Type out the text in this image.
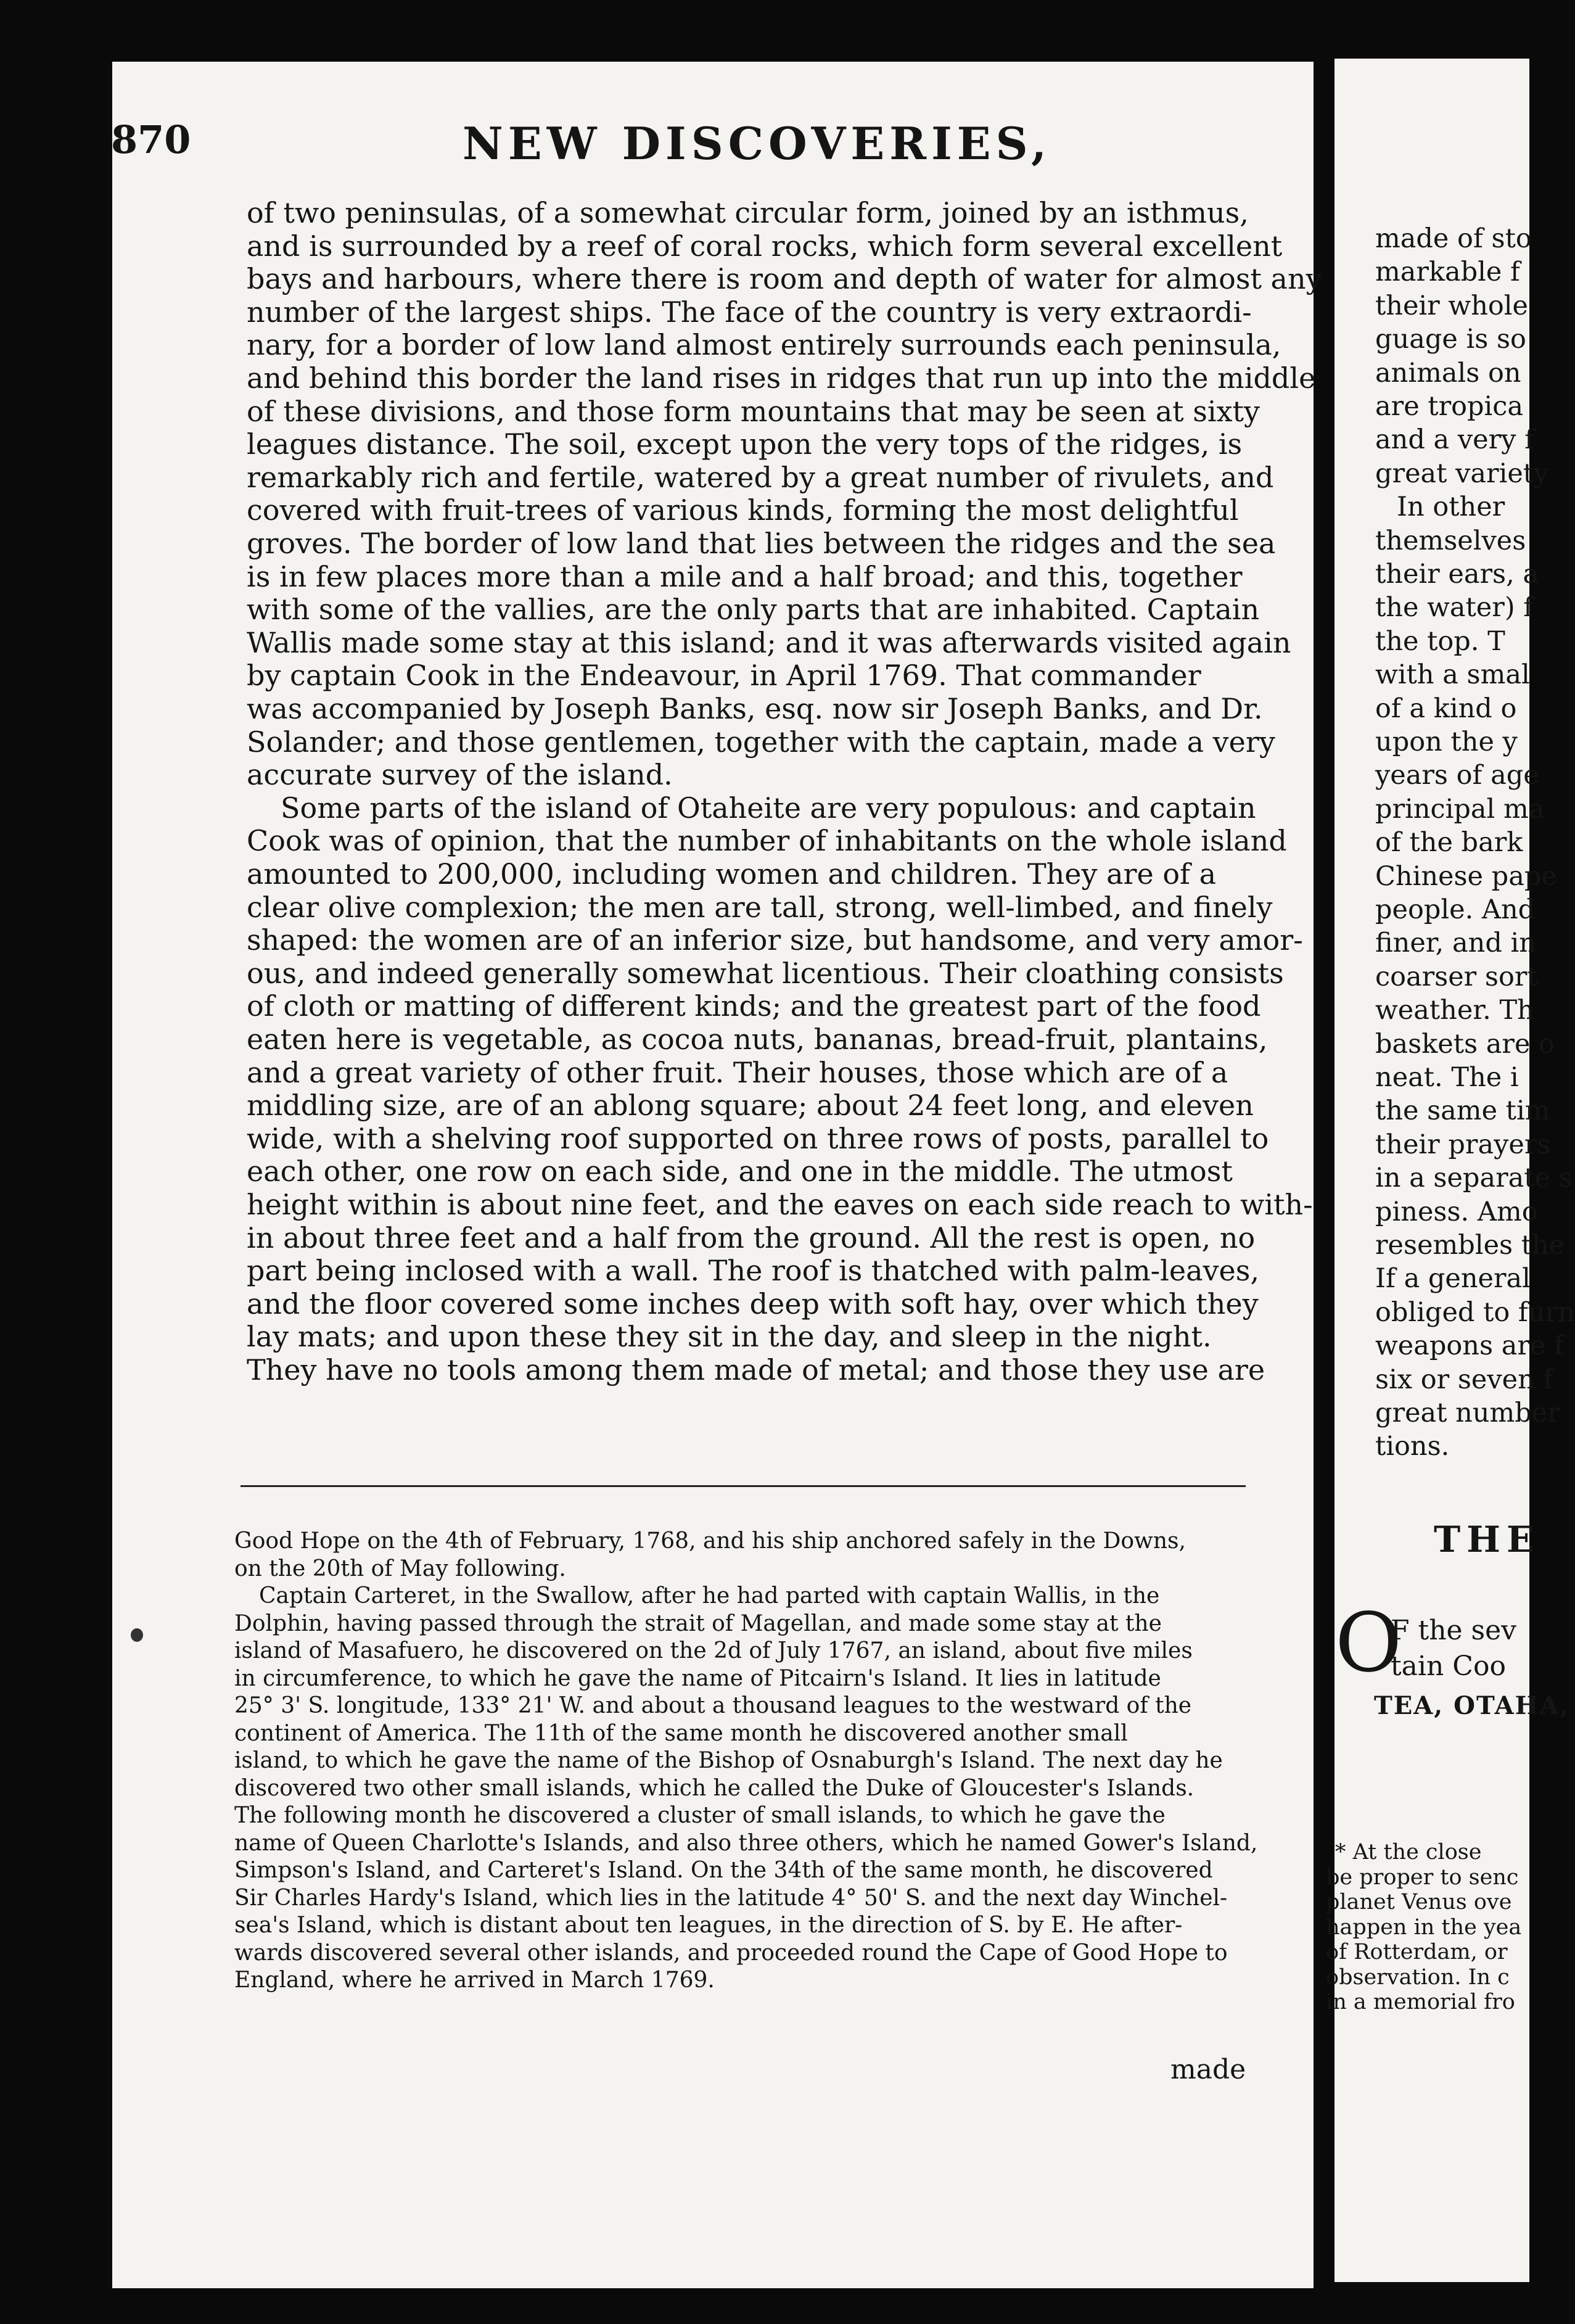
870	NEW DISCOVERIES,
of two peninsulas, of a somewhat circular form, joined by an isthmus,
and is surrounded by a reef of coral rocks, which form several excellent
bays and harbours, where there is room and depth of water for almost any
number of the largest ships. The face of the country is very extraordi-
nary, for a border of low land almost entirely surrounds each peninsula,
and behind this border the land rises in ridges that run up into the middle
of these divisions, and those form mountains that may be seen at sixty
leagues distance. The soil, except upon the very tops of the ridges, is
remarkably rich and fertile, watered by a great number of rivulets, and
covered with fruit-trees of various kinds, forming the most delightful
groves. The border of low land that lies between the ridges and the sea
is in few places more than a mile and a half broad; and this, together
with some of the vallies, are the only parts that are inhabited. Captain
Wallis made some stay at this island; and it was afterwards visited again
by captain Cook in the Endeavour, in April 1769. That commander
was accompanied by Joseph Banks, esq. now sir Joseph Banks, and Dr.
Solander; and those gentlemen, together with the captain, made a very
accurate survey of the island.
Some parts of the island of Otaheite are very populous: and captain
Cook was of opinion, that the number of inhabitants on the whole island
amounted to 200,000, including women and children. They are of a
clear olive complexion; the men are tall, strong, well-limbed, and finely
shaped: the women are of an inferior size, but handsome, and very amor-
ous, and indeed generally somewhat licentious. Their cloathing consists
of cloth or matting of different kinds; and the greatest part of the food
eaten here is vegetable, as cocoa nuts, bananas, bread-fruit, plantains,
and a great variety of other fruit. Their houses, those which are of a
middling size, are of an ablong square; about 24 feet long, and eleven
wide, with a shelving roof supported on three rows of posts, parallel to
each other, one row on each side, and one in the middle. The utmost
height within is about nine feet, and the eaves on each side reach to with-
in about three feet and a half from the ground. All the rest is open, no
part being inclosed with a wall. The roof is thatched with palm-leaves,
and the floor covered some inches deep with soft hay, over which they
lay mats; and upon these they sit in the day, and sleep in the night.
They have no tools among them made of metal; and those they use are
Good Hope on the 4th of February, 1768, and his ship anchored safely in the Downs,
on the 20th of May following.
Captain Carteret, in the Swallow, after he had parted with captain Wallis, in the
Dolphin, having passed through the strait of Magellan, and made some stay at the
island of Masafuero, he discovered on the 2d of July 1767, an island, about five miles
in circumference, to which he gave the name of Pitcairn's Island. It lies in latitude
25° 3' S. longitude, 133° 21' W. and about a thousand leagues to the westward of the
continent of America. The 11th of the same month he discovered another small
island, to which he gave the name of the Bishop of Osnaburgh's Island. The next day he
discovered two other small islands, which he called the Duke of Gloucester's Islands.
The following month he discovered a cluster of small islands, to which he gave the
name of Queen Charlotte's Islands, and also three others, which he named Gower's Island,
Simpson's Island, and Carteret's Island. On the 34th of the same month, he discovered
Sir Charles Hardy's Island, which lies in the latitude 4° 50' S. and the next day Winchel-
sea's Island, which is distant about ten leagues, in the direction of S. by E. He after-
wards discovered several other islands, and proceeded round the Cape of Good Hope to
England, where he arrived in March 1769.
made
made of sto
markable f
their whole
guage is so
animals on
are tropica
and a very f
great variety
In other
themselves
their ears, a
the water) f
the top. T
with a smal
of a kind o
upon the y
years of age
principal ma
of the bark
Chinese pape
people. And
finer, and in
coarser sort
weather. Th
baskets are o
neat. The i
the same tim
their prayers
in a separate s
piness. Amo
resembles the
If a general
obliged to furn
weapons are f
six or seven f
great number
tions.
THE
O
F the sev
tain Coo
TEA, OTAHA,
* At the close
be proper to senc
planet Venus ove
happen in the yea
of Rotterdam, or
observation. In c
in a memorial fro
